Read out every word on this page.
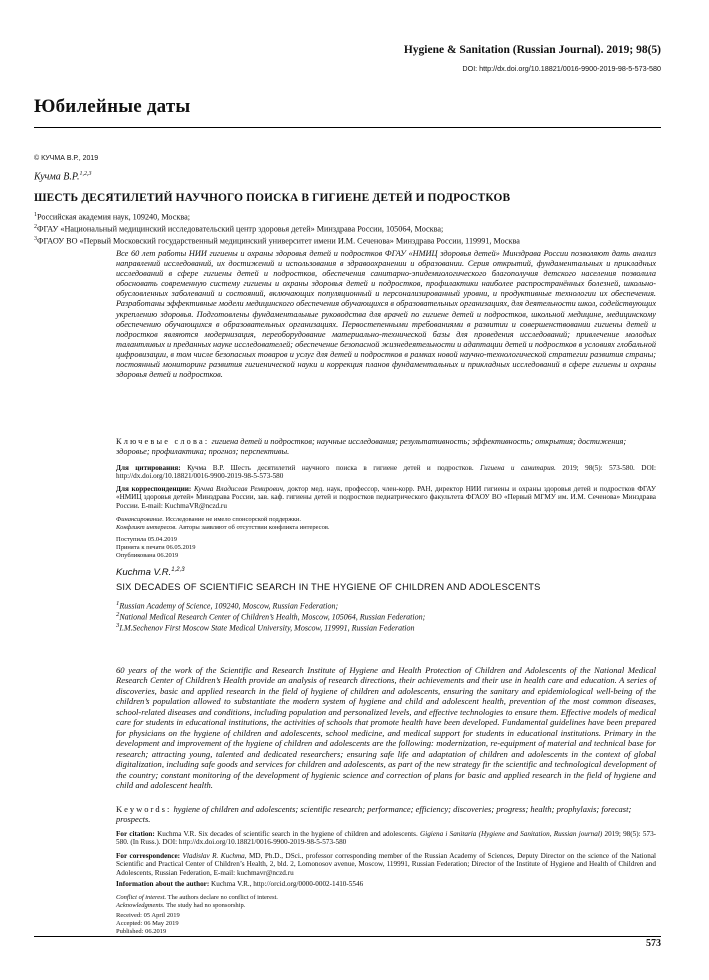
Hygiene & Sanitation (Russian Journal). 2019; 98(5)
DOI: http://dx.doi.org/10.18821/0016-9900-2019-98-5-573-580
Юбилейные даты
© КУЧМА В.Р., 2019
Кучма В.Р.$^{1,2,3}$
ШЕСТЬ ДЕСЯТИЛЕТИЙ НАУЧНОГО ПОИСКА В ГИГИЕНЕ ДЕТЕЙ И ПОДРОСТКОВ
$^1$Российская академия наук, 109240, Москва;
$^2$ФГАУ «Национальный медицинский исследовательский центр здоровья детей» Минздрава России, 105064, Москва;
$^3$ФГАОУ ВО «Первый Московский государственный медицинский университет имени И.М. Сеченова» Минздрава России, 119991, Москва
Все 60 лет работы НИИ гигиены и охраны здоровья детей и подростков ФГАУ «НМИЦ здоровья детей» Минздрава России позволяют дать анализ направлений исследований, их достижений и использования в здравоохранении и образовании. Серия открытий, фундаментальных и прикладных исследований в сфере гигиены детей и подростков, обеспечения санитарно-эпидемиологического благополучия детского населения позволила обосновать современную систему гигиены и охраны здоровья детей и подростков, профилактики наиболее распространённых болезней, школьно-обусловленных заболеваний и состояний, включающих популяционный и персонализированный уровни, и продуктивные технологии их обеспечения. Разработаны эффективные модели медицинского обеспечения обучающихся в образовательных организациях, для деятельности школ, содействующих укреплению здоровья. Подготовлены фундаментальные руководства для врачей по гигиене детей и подростков, школьной медицине, медицинскому обеспечению обучающихся в образовательных организациях. Первостепенными требованиями в развитии и совершенствовании гигиены детей и подростков являются модернизация, переоборудование материально-технической базы для проведения исследований; привлечение молодых талантливых и преданных науке исследователей; обеспечение безопасной жизнедеятельности и адаптации детей и подростков в условиях глобальной цифровизации, в том числе безопасных товаров и услуг для детей и подростков в рамках новой научно-технологической стратегии развития страны; постоянный мониторинг развития гигиенической науки и коррекция планов фундаментальных и прикладных исследований в сфере гигиены и охраны здоровья детей и подростков.
Ключевые слова: гигиена детей и подростков; научные исследования; результативность; эффективность; открытия; достижения; здоровье; профилактика; прогноз; перспективы.
Для цитирования: Кучма В.Р. Шесть десятилетий научного поиска в гигиене детей и подростков. Гигиена и санитария. 2019; 98(5): 573-580. DOI: http://dx.doi.org/10.18821/0016-9900-2019-98-5-573-580
Для корреспонденции: Кучма Владислав Ремирович, доктор мед. наук, профессор, член-корр. РАН, директор НИИ гигиены и охраны здоровья детей и подростков ФГАУ «НМИЦ здоровья детей» Минздрава России, зав. каф. гигиены детей и подростков педиатрического факультета ФГАОУ ВО «Первый МГМУ им. И.М. Сеченова» Минздрава России. E-mail: KuchmaVR@nczd.ru
Финансирование. Исследование не имело спонсорской поддержки.
Конфликт интересов. Авторы заявляют об отсутствии конфликта интересов.
Поступила 05.04.2019
Принята к печати 06.05.2019
Опубликована 06.2019
Kuchma V.R.$^{1,2,3}$
SIX DECADES OF SCIENTIFIC SEARCH IN THE HYGIENE OF CHILDREN AND ADOLESCENTS
$^1$Russian Academy of Science, 109240, Moscow, Russian Federation;
$^2$National Medical Research Center of Children’s Health, Moscow, 105064, Russian Federation;
$^3$I.M.Sechenov First Moscow State Medical University, Moscow, 119991, Russian Federation
60 years of the work of the Scientific and Research Institute of Hygiene and Health Protection of Children and Adolescents of the National Medical Research Center of Children’s Health provide an analysis of research directions, their achievements and their use in health care and education. A series of discoveries, basic and applied research in the field of hygiene of children and adolescents, ensuring the sanitary and epidemiological well-being of the children’s population allowed to substantiate the modern system of hygiene and child and adolescent health, prevention of the most common diseases, school-related diseases and conditions, including population and personalized levels, and effective technologies to ensure them. Effective models of medical care for students in educational institutions, the activities of schools that promote health have been developed. Fundamental guidelines have been prepared for physicians on the hygiene of children and adolescents, school medicine, and medical support for students in educational institutions. Primary in the development and improvement of the hygiene of children and adolescents are the following: modernization, re-equipment of material and technical base for research; attracting young, talented and dedicated researchers; ensuring safe life and adaptation of children and adolescents in the context of global digitalization, including safe goods and services for children and adolescents, as part of the new strategy fir the scientific and technological development of the country; constant monitoring of the development of hygienic science and correction of plans for basic and applied research in the field of hygiene and child and adolescent health.
Keywords: hygiene of children and adolescents; scientific research; performance; efficiency; discoveries; progress; health; prophylaxis; forecast; prospects.
For citation: Kuchma V.R. Six decades of scientific search in the hygiene of children and adolescents. Gigiena i Sanitaria (Hygiene and Sanitation, Russian journal) 2019; 98(5): 573-580. (In Russ.). DOI: http://dx.doi.org/10.18821/0016-9900-2019-98-5-573-580
For correspondence: Vladislav R. Kuchma, MD, Ph.D., DSci., professor corresponding member of the Russian Academy of Sciences, Deputy Director on the science of the National Scientific and Practical Center of Children’s Health, 2, bld. 2, Lomonosov avenue, Moscow, 119991, Russian Federation; Director of the Institute of Hygiene and Health of Children and Adolescents, Russian Federation, E-mail: kuchmavr@nczd.ru
Information about the author: Kuchma V.R., http://orcid.org/0000-0002-1410-5546
Conflict of interest. The authors declare no conflict of interest.
Acknowledgments. The study had no sponsorship.
Received: 05 April 2019
Accepted: 06 May 2019
Published: 06.2019
573
